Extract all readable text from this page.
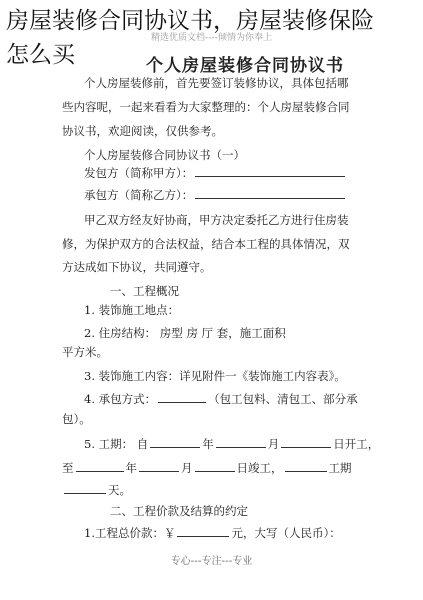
房屋装修合同协议书，房屋装修保险
怎么买
精选优质文档----倾情为你奉上
个人房屋装修合同协议书
个人房屋装修前，首先要签订装修协议，具体包括哪
些内容呢，一起来看看为大家整理的：个人房屋装修合同
协议书，欢迎阅读，仅供参考。
个人房屋装修合同协议书（一）
发包方（简称甲方）：
承包方（简称乙方）：
甲乙双方经友好协商，甲方决定委托乙方进行住房装
修，为保护双方的合法权益，结合本工程的具体情况，双
方达成如下协议，共同遵守。
一、工程概况
1. 装饰施工地点：
2. 住房结构： 房型 房 厅 套，施工面积
平方米。
3. 装饰施工内容：详见附件一《装饰施工内容表》。
4. 承包方式：	（包工包料、清包工、部分承
包）。
5. 工期： 自	年	月	日开工，
至	年	月	日竣工，	工期
天。
二、工程价款及结算的约定
1.工程总价款：￥	元，大写（人民币）：
专心---专注---专业
